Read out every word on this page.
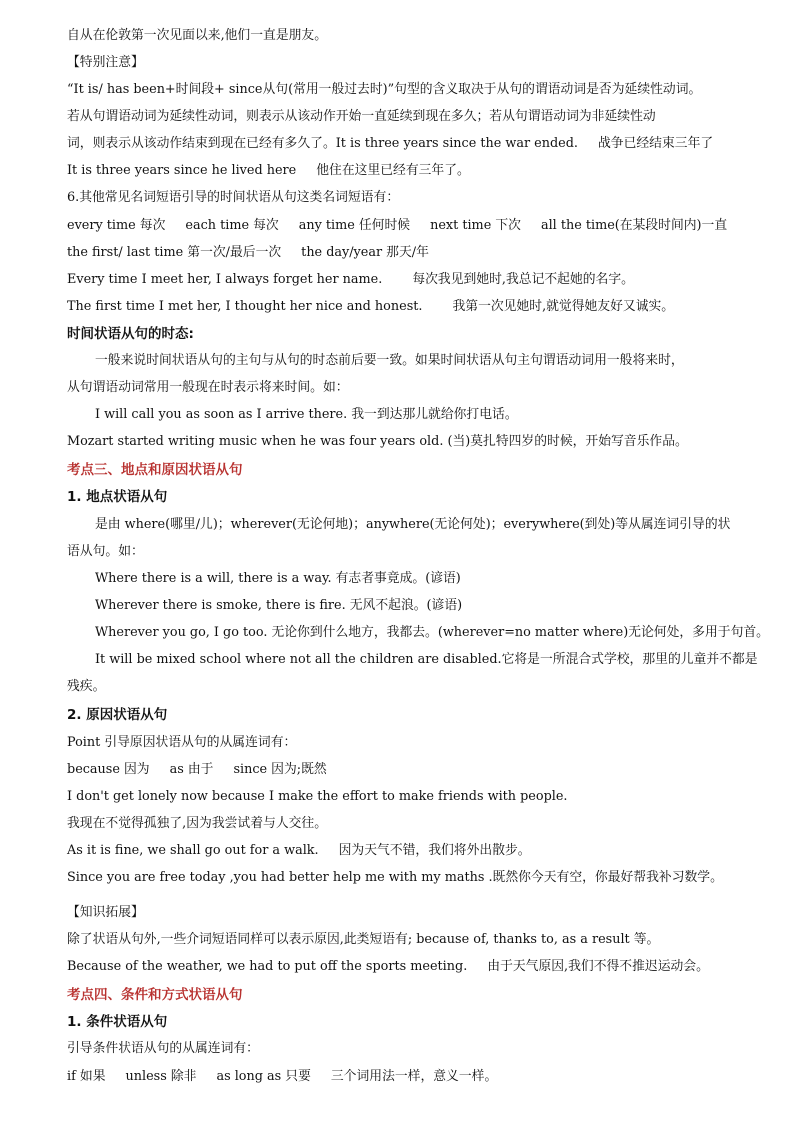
自从在伦敦第一次见面以来,他们一直是朋友。
【特别注意】
“It is/ has been+时间段+ since从句(常用一般过去时)”句型的含义取决于从句的谓语动词是否为延续性动词。
若从句谓语动词为延续性动词，则表示从该动作开始一直延续到现在多久；若从句谓语动词为非延续性动
词，则表示从该动作结束到现在已经有多久了。It is three years since the war ended. 战争已经结束三年了
It is three years since he lived here 他住在这里已经有三年了。
6.其他常见名词短语引导的时间状语从句这类名词短语有：
every time 每次 each time 每次 any time 任何时候 next time 下次 all the time(在某段时间内)一直
the first/ last time 第一次/最后一次 the day/year 那天/年
Every time I meet her, I always forget her name. 每次我见到她时,我总记不起她的名字。
The first time I met her, I thought her nice and honest. 我第一次见她时,就觉得她友好又诚实。
时间状语从句的时态:
一般来说时间状语从句的主句与从句的时态前后要一致。如果时间状语从句主句谓语动词用一般将来时，
从句谓语动词常用一般现在时表示将来时间。如：
I will call you as soon as I arrive there. 我一到达那儿就给你打电话。
Mozart started writing music when he was four years old. (当)莫扎特四岁的时候，开始写音乐作品。
考点三、地点和原因状语从句
1. 地点状语从句
是由 where(哪里/儿)；wherever(无论何地)；anywhere(无论何处)；everywhere(到处)等从属连词引导的状
语从句。如：
Where there is a will, there is a way. 有志者事竟成。(谚语)
Wherever there is smoke, there is fire. 无风不起浪。(谚语)
Wherever you go, I go too. 无论你到什么地方，我都去。(wherever=no matter where)无论何处，多用于句首。
It will be mixed school where not all the children are disabled.它将是一所混合式学校，那里的儿童并不都是
残疾。
2. 原因状语从句
Point 引导原因状语从句的从属连词有：
because 因为 as 由于 since 因为;既然
I don't get lonely now because I make the effort to make friends with people.
我现在不觉得孤独了,因为我尝试着与人交往。
As it is fine, we shall go out for a walk. 因为天气不错，我们将外出散步。
Since you are free today ,you had better help me with my maths .既然你今天有空，你最好帮我补习数学。
【知识拓展】
除了状语从句外,一些介词短语同样可以表示原因,此类短语有; because of, thanks to, as a result 等。
Because of the weather, we had to put off the sports meeting. 由于天气原因,我们不得不推迟运动会。
考点四、条件和方式状语从句
1. 条件状语从句
引导条件状语从句的从属连词有：
if 如果 unless 除非 as long as 只要 三个词用法一样，意义一样。
